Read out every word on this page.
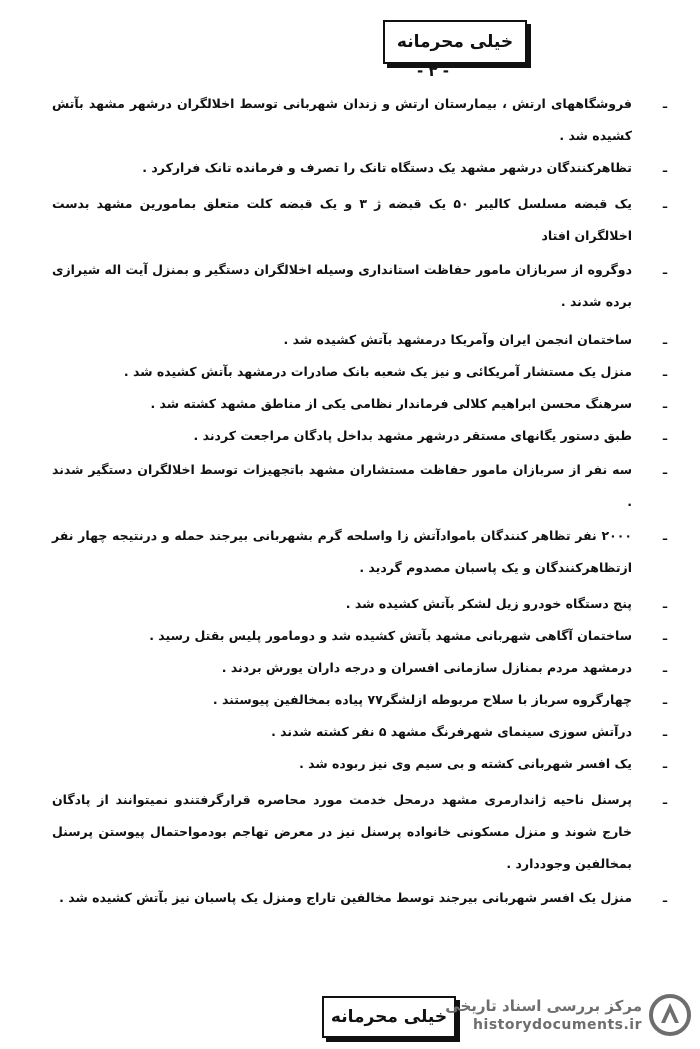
خیلی محرمانه
- ۳ -
ـ
فروشگاههای ارتش ، بیمارستان ارتش و زندان شهربانی توسط اخلالگران درشهر مشهد بآتش کشیده شد .
ـ
تظاهرکنندگان درشهر مشهد یک دستگاه تانک را تصرف و فرمانده تانک فرارکرد .
ـ
یک قبضه مسلسل کالیبر ۵۰ یک قبضه ژ ۳ و یک قبضه کلت متعلق بمامورین مشهد بدست اخلالگران افتاد
ـ
دوگروه از سربازان مامور حفاظت استانداری وسیله اخلالگران دستگیر و بمنزل آیت اله شیرازی برده شدند .
ـ
ساختمان انجمن ایران وآمریکا درمشهد بآتش کشیده شد .
ـ
منزل یک مستشار آمریکائی و نیز یک شعبه بانک صادرات درمشهد بآتش کشیده شد .
ـ
سرهنگ محسن ابراهیم کلالی فرماندار نظامی یکی از مناطق مشهد کشته شد .
ـ
طبق دستور یگانهای مستقر درشهر مشهد بداخل پادگان مراجعت کردند .
ـ
سه نفر از سربازان مامور حفاظت مستشاران مشهد باتجهیزات توسط اخلالگران دستگیر شدند .
ـ
۲۰۰۰ نفر تظاهر کنندگان باموادآتش زا واسلحه گرم بشهربانی بیرجند حمله و درنتیجه چهار نفر ازتظاهرکنندگان و یک پاسبان مصدوم گردید .
ـ
پنج دستگاه خودرو زیل لشکر بآتش کشیده شد .
ـ
ساختمان آگاهی شهربانی مشهد بآتش کشیده شد و دومامور پلیس بقتل رسید .
ـ
درمشهد مردم بمنازل سازمانی افسران و درجه داران یورش بردند .
ـ
چهارگروه سرباز با سلاح مربوطه ازلشگر۷۷ پیاده بمخالفین پیوستند .
ـ
درآتش سوزی سینمای شهرفرنگ مشهد ۵ نفر کشته شدند .
ـ
یک افسر شهربانی کشته و بی سیم وی نیز ربوده شد .
ـ
پرسنل ناحیه ژاندارمری مشهد درمحل خدمت مورد محاصره قرارگرفتندو نمیتوانند از پادگان خارج شوند و منزل مسکونی خانواده پرسنل نیز در معرض تهاجم بودمواحتمال پیوستن پرسنل بمخالفین وجوددارد .
ـ
منزل یک افسر شهربانی بیرجند توسط مخالفین تاراج ومنزل یک پاسبان نیز بآتش کشیده شد .
خیلی محرمانه
مرکز بررسی اسناد تاریخی
historydocuments.ir
